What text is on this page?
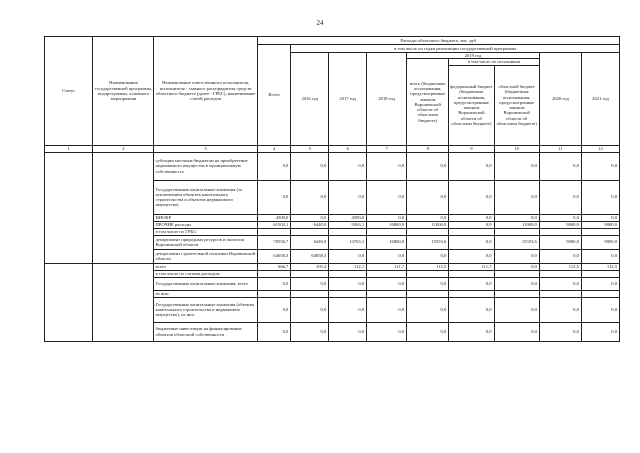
24
Статус	Наименование государственной программы, подпрограммы, основного мероприятия	Наименование ответственного исполнителя, исполнителя - главного распорядителя средств областного бюджета (далее - ГРБС), наименование статей расходов	Расходы областного бюджета, тыс. руб								
			Всего	в том числе по годам реализации государственной программы							
				2016 год	2017 год	2018 год	2019 год			2020 год	2021 год
							всего (бюджетные ассигнования, предусмотренные законом Воронежской области об областном бюджете)	в том числе по источникам			
								федеральный бюджет (бюджетные ассигнования, предусмотренные законом Воронежской области об областном бюджете)	областной бюджет (бюджетные ассигнования, предусмотренные законом Воронежской области об областном бюджете)		
1	2	3	4	5	6	7	8	9	10	11	12
		субсидии местным бюджетам на приобретение недвижимого имущества в муниципальную собственность	0,0	0,0	0,0	0,0	0,0	0,0	0,0	0,0	0,0
		Государственные капитальные вложения (за исключением объектов капитального строительства и объектов недвижимого имущества)	0,0	0,0	0,0	0,0	0,0	0,0	0,0	0,0	0,0
		НИОКР	4500,0	0,0	4500,0	0,0	0,0	0,0	0,0	0,0	0,0
		ПРОЧИЕ расходы	61503,1	6440,0	9263,1	16800,0	11000,0	0,0	11000,0	9000,0	9000,0
		в том числе по ГРБС:									
		департамент природных ресурсов и экологии Воронежской области	70556,7	6440,0	13763,1	16800,0	15553,6	0,0	15553,6	9000,0	9000,0
		департамент строительной политики Воронежской области	64058,3	64058,3	0,0	0,0	0,0	0,0	0,0	0,0	0,0
		всего	666,7	105,4	112,1	111,7	112,5	111,7	0,0	112,5	112,5
		в том числе по статьям расходов:									
		Государственные капитальные вложения, всего	0,0	0,0	0,0	0,0	0,0	0,0	0,0	0,0	0,0
		из них:									
		Государственные капитальные вложения (объекты капитального строительства и недвижимое имущество), из них:	0,0	0,0	0,0	0,0	0,0	0,0	0,0	0,0	0,0
		бюджетные инвестиции на финансирование объектов областной собственности	0,0	0,0	0,0	0,0	0,0	0,0	0,0	0,0	0,0
